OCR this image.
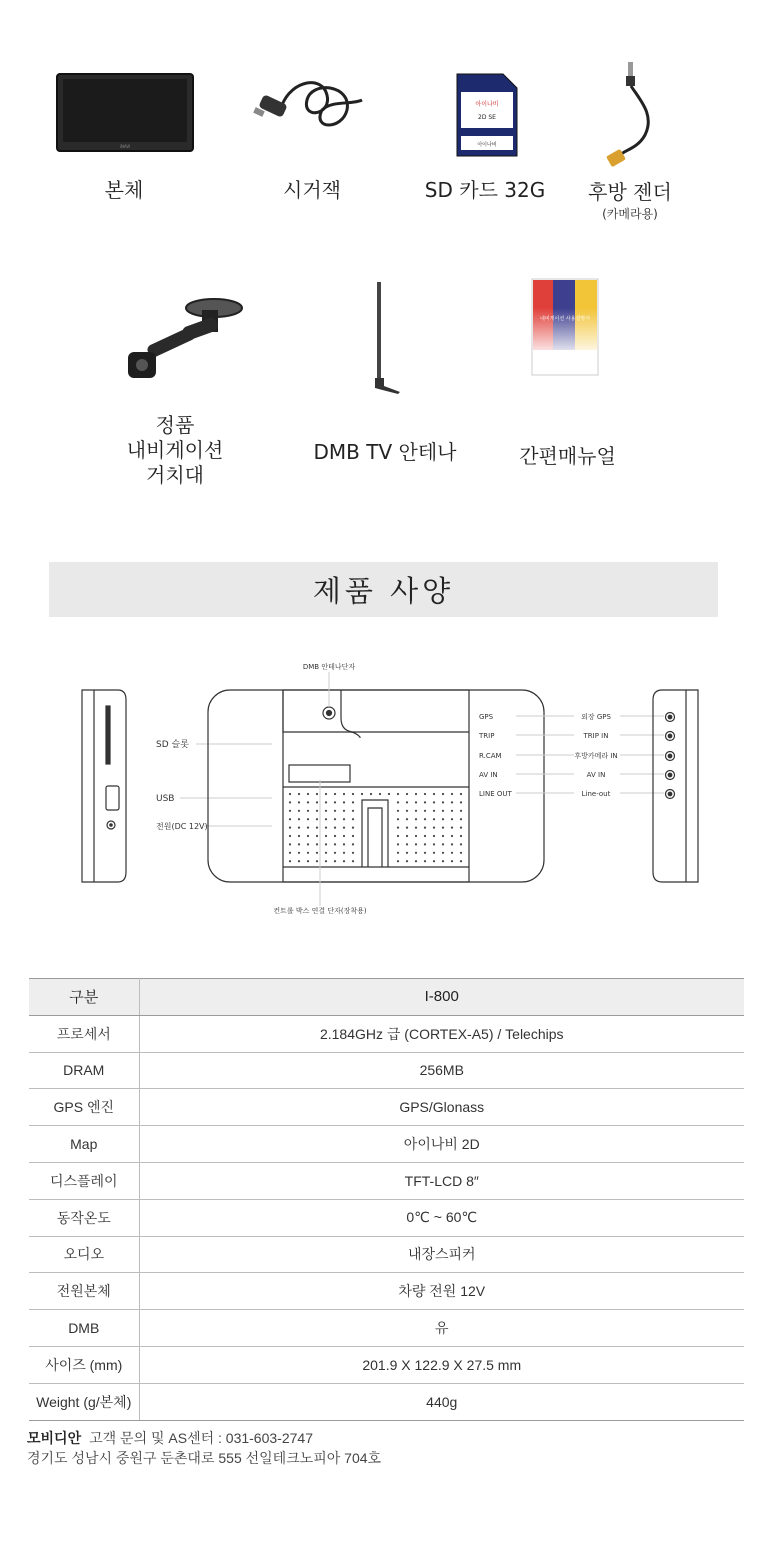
iNAVI
본체	시거잭
아이나비
2D SE
아이나비
SD 카드 32G	후방 젠더
(카메라용)
정품
내비게이션
거치대
DMB TV 안테나
내비게이션 사용설명서
간편매뉴얼
제품 사양
SD 슬롯
USB
전원(DC 12V)
DMB 안테나단자
컨트롤 박스 연결 단자(장착용)
GPS
TRIP
R.CAM
AV IN
LINE OUT
외장 GPS
TRIP IN
후방카메라 IN
AV IN
Line-out
구분	I-800
프로세서	2.184GHz 급 (CORTEX-A5) / Telechips
DRAM	256MB
GPS 엔진	GPS/Glonass
Map	아이나비 2D
디스플레이	TFT-LCD 8″
동작온도	0℃ ~ 60℃
오디오	내장스피커
전원본체	차량 전원 12V
DMB	유
사이즈 (mm)	201.9 X 122.9 X 27.5 mm
Weight (g/본체)	440g
모비디안 고객 문의 및 AS센터 : 031-603-2747
경기도 성남시 중원구 둔촌대로 555 선일테크노피아 704호
